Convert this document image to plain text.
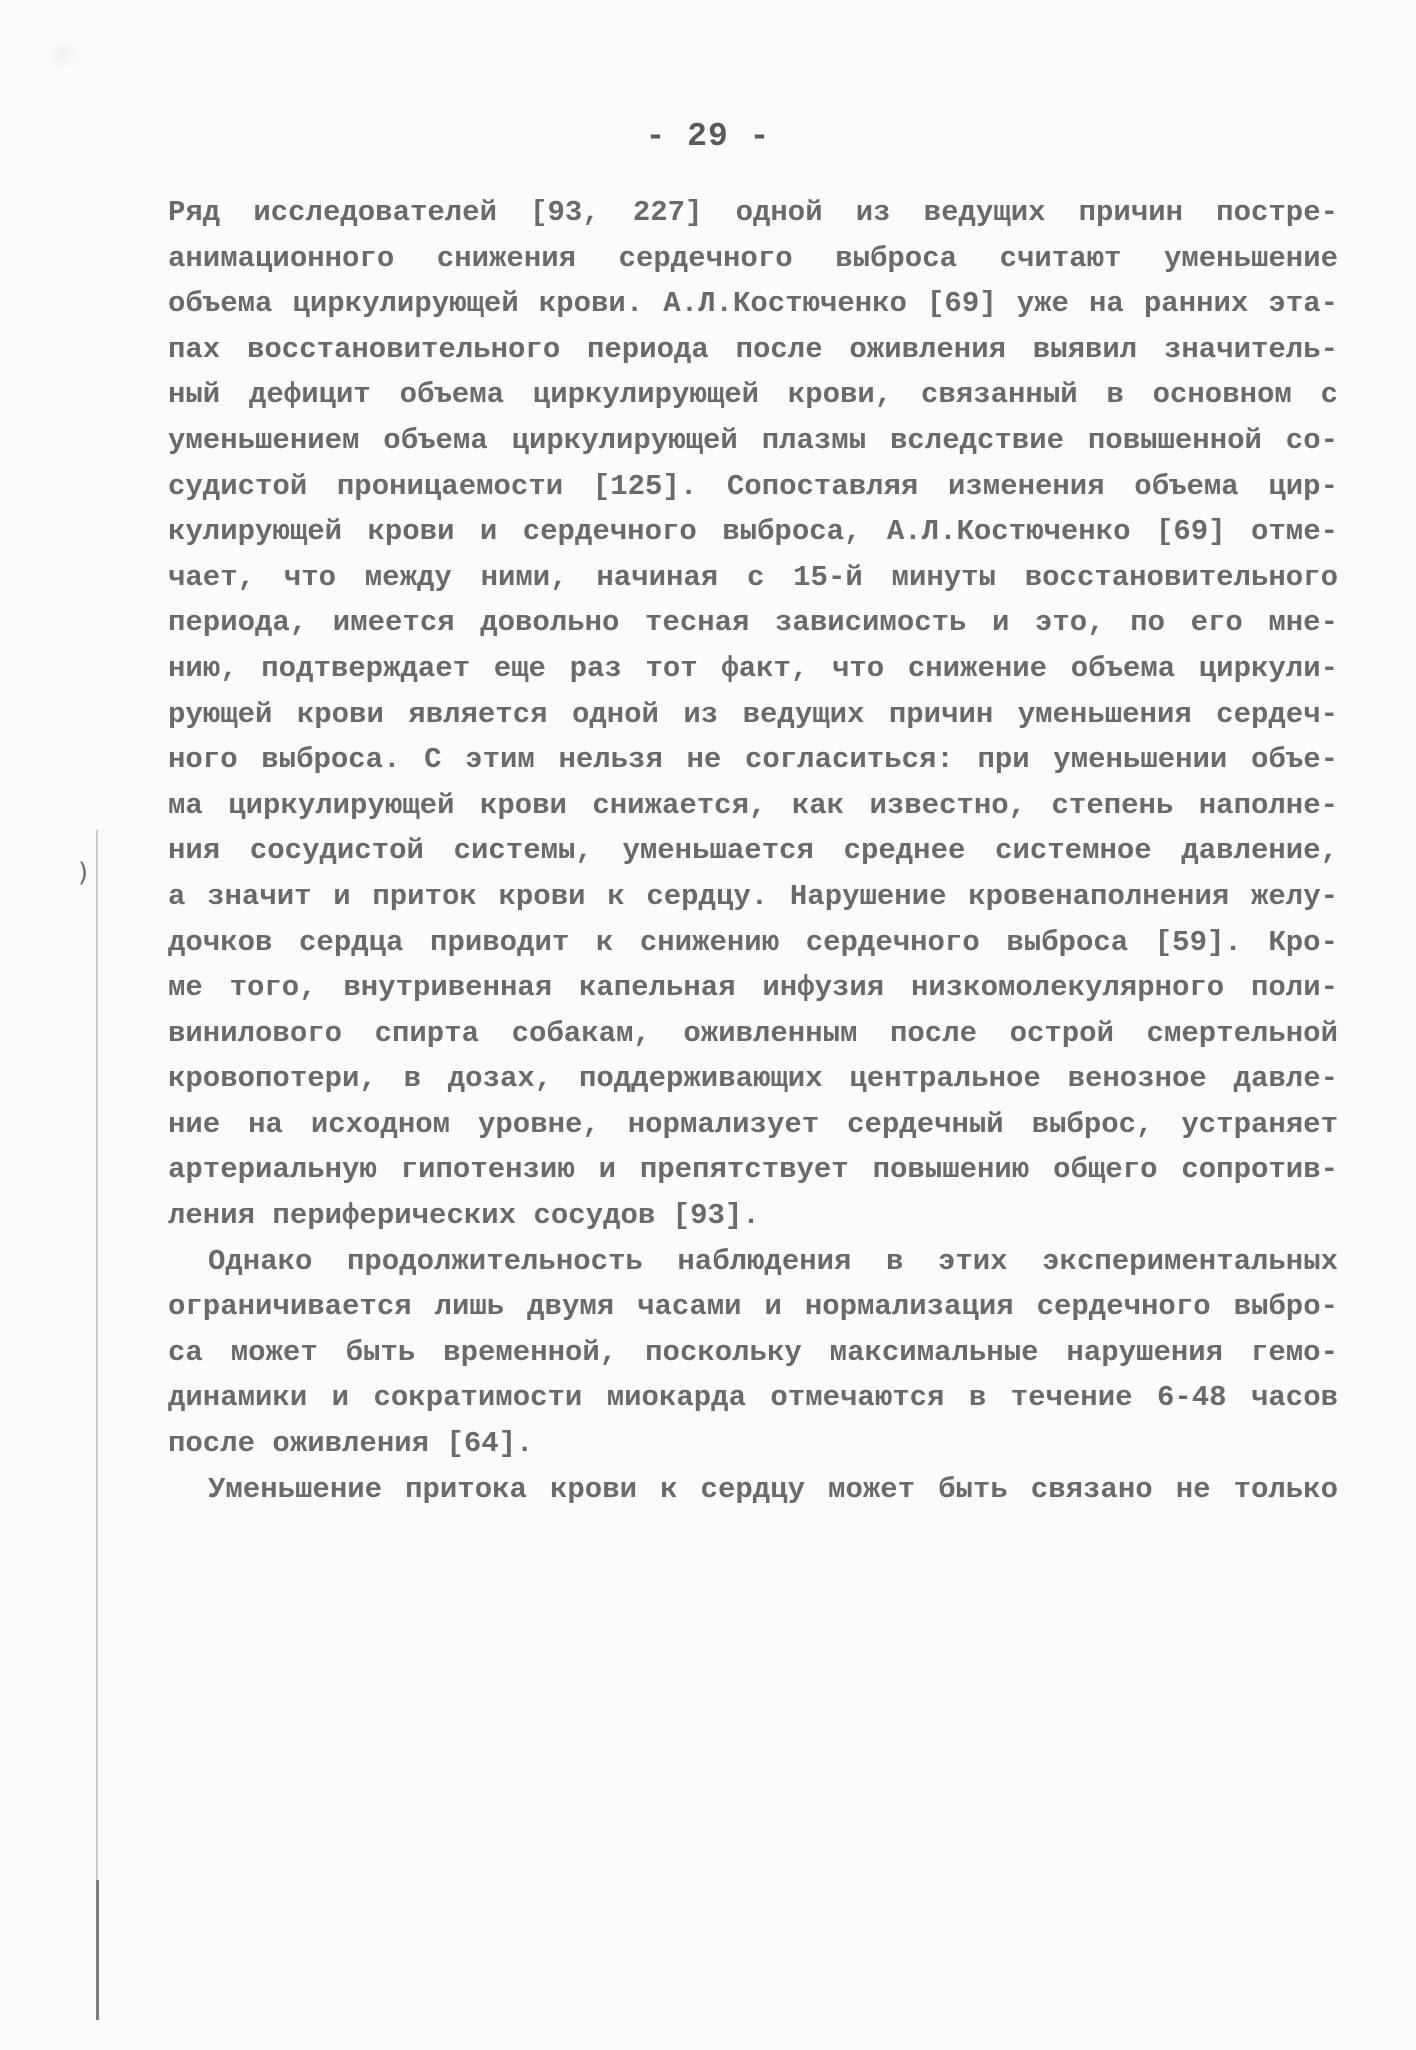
- 29 -
)
Ряд исследователей [93, 227] одной из ведущих причин постре-
анимационного снижения сердечного выброса считают уменьшение
объема циркулирующей крови. А.Л.Костюченко [69] уже на ранних эта-
пах восстановительного периода после оживления выявил значитель-
ный дефицит объема циркулирующей крови, связанный в основном с
уменьшением объема циркулирующей плазмы вследствие повышенной со-
судистой проницаемости [125]. Сопоставляя изменения объема цир-
кулирующей крови и сердечного выброса, А.Л.Костюченко [69] отме-
чает, что между ними, начиная с 15-й минуты восстановительного
периода, имеется довольно тесная зависимость и это, по его мне-
нию, подтверждает еще раз тот факт, что снижение объема циркули-
рующей крови является одной из ведущих причин уменьшения сердеч-
ного выброса. С этим нельзя не согласиться: при уменьшении объе-
ма циркулирующей крови снижается, как известно, степень наполне-
ния сосудистой системы, уменьшается среднее системное давление,
а значит и приток крови к сердцу. Нарушение кровенаполнения желу-
дочков сердца приводит к снижению сердечного выброса [59]. Кро-
ме того, внутривенная капельная инфузия низкомолекулярного поли-
винилового спирта собакам, оживленным после острой смертельной
кровопотери, в дозах, поддерживающих центральное венозное давле-
ние на исходном уровне, нормализует сердечный выброс, устраняет
артериальную гипотензию и препятствует повышению общего сопротив-
ления периферических сосудов [93].
Однако продолжительность наблюдения в этих экспериментальных
ограничивается лишь двумя часами и нормализация сердечного выбро-
са может быть временной, поскольку максимальные нарушения гемо-
динамики и сократимости миокарда отмечаются в течение 6-48 часов
после оживления [64].
Уменьшение притока крови к сердцу может быть связано не только
